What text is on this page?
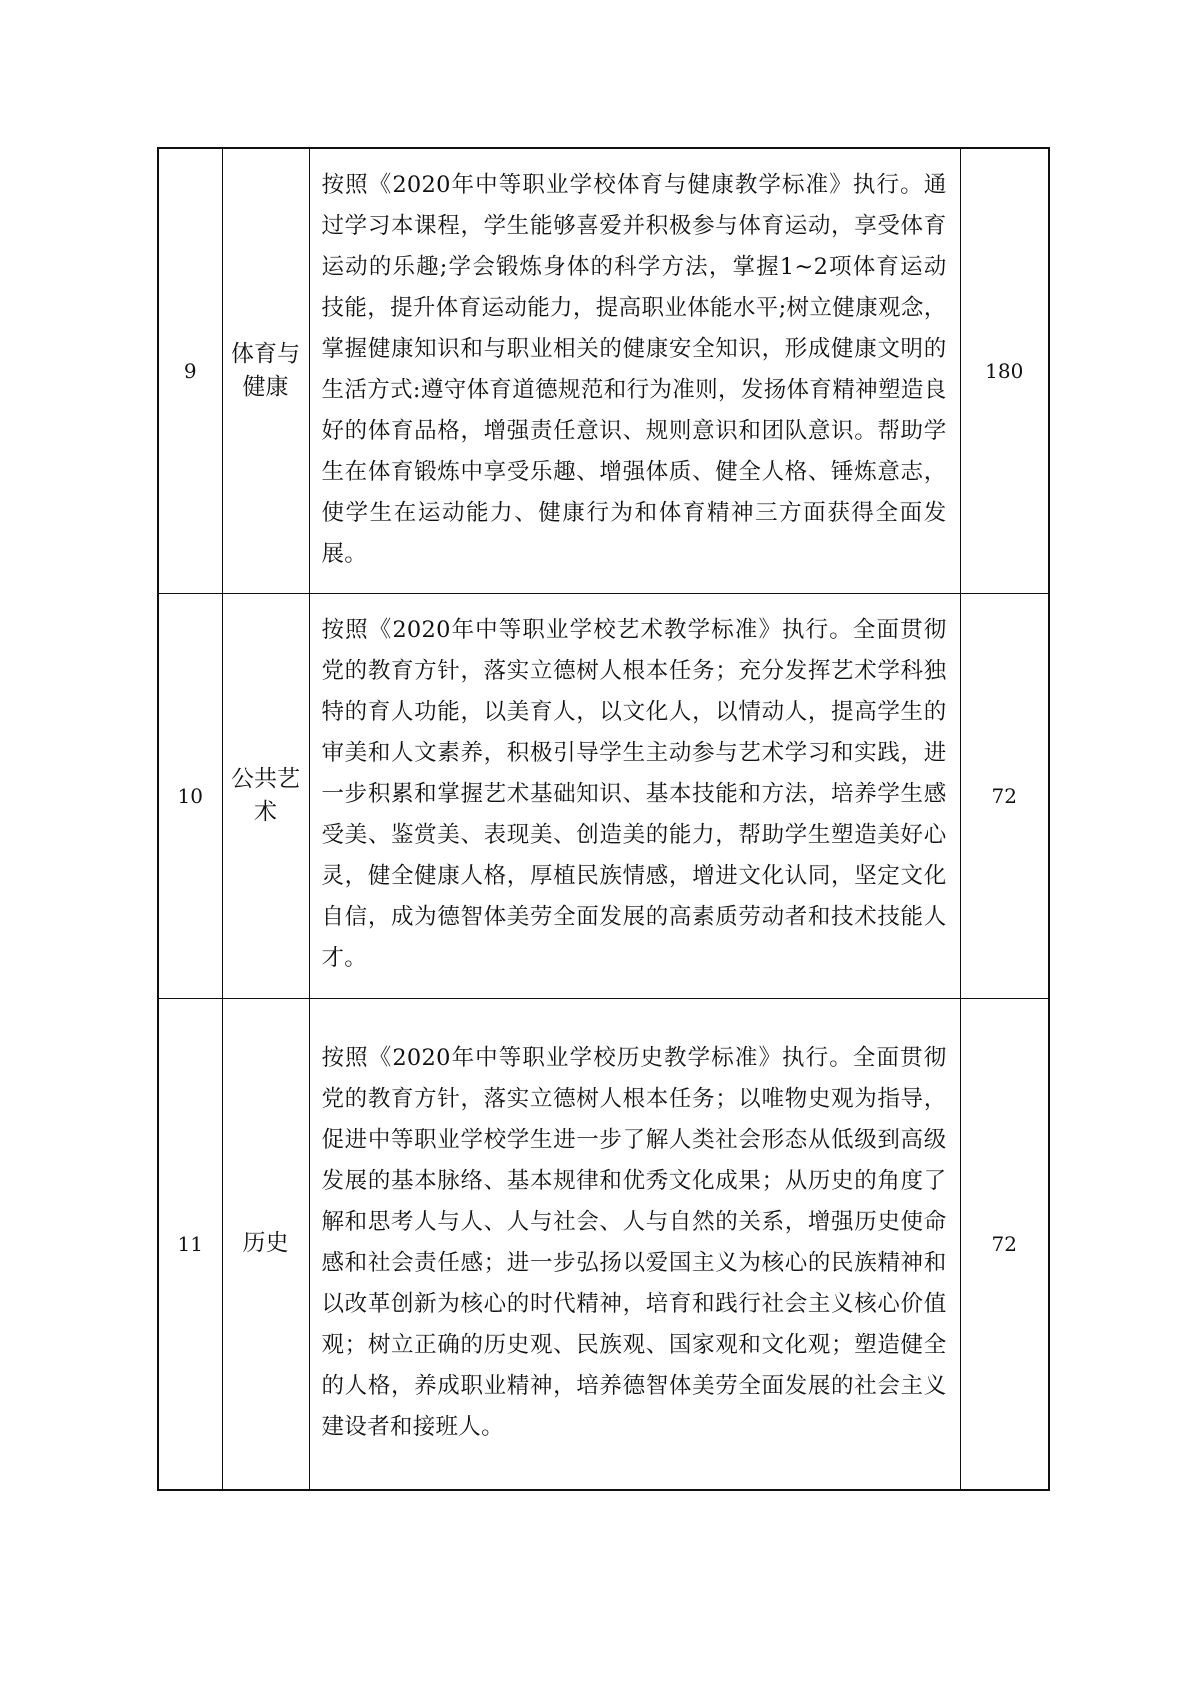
9	体育与健康	按照《2020年中等职业学校体育与健康教学标准》执行。通过学习本课程，学生能够喜爱并积极参与体育运动，享受体育运动的乐趣;学会锻炼身体的科学方法，掌握1~2项体育运动技能，提升体育运动能力，提高职业体能水平;树立健康观念，掌握健康知识和与职业相关的健康安全知识，形成健康文明的生活方式:遵守体育道德规范和行为准则，发扬体育精神塑造良好的体育品格，增强责任意识、规则意识和团队意识。帮助学生在体育锻炼中享受乐趣、增强体质、健全人格、锤炼意志，使学生在运动能力、健康行为和体育精神三方面获得全面发展。	180
10	公共艺术	按照《2020年中等职业学校艺术教学标准》执行。全面贯彻党的教育方针，落实立德树人根本任务；充分发挥艺术学科独特的育人功能，以美育人，以文化人，以情动人，提高学生的审美和人文素养，积极引导学生主动参与艺术学习和实践，进一步积累和掌握艺术基础知识、基本技能和方法，培养学生感受美、鉴赏美、表现美、创造美的能力，帮助学生塑造美好心灵，健全健康人格，厚植民族情感，增进文化认同，坚定文化自信，成为德智体美劳全面发展的高素质劳动者和技术技能人才。	72
11	历史	按照《2020年中等职业学校历史教学标准》执行。全面贯彻党的教育方针，落实立德树人根本任务；以唯物史观为指导，促进中等职业学校学生进一步了解人类社会形态从低级到高级发展的基本脉络、基本规律和优秀文化成果；从历史的角度了解和思考人与人、人与社会、人与自然的关系，增强历史使命感和社会责任感；进一步弘扬以爱国主义为核心的民族精神和以改革创新为核心的时代精神，培育和践行社会主义核心价值观；树立正确的历史观、民族观、国家观和文化观；塑造健全的人格，养成职业精神，培养德智体美劳全面发展的社会主义建设者和接班人。	72
